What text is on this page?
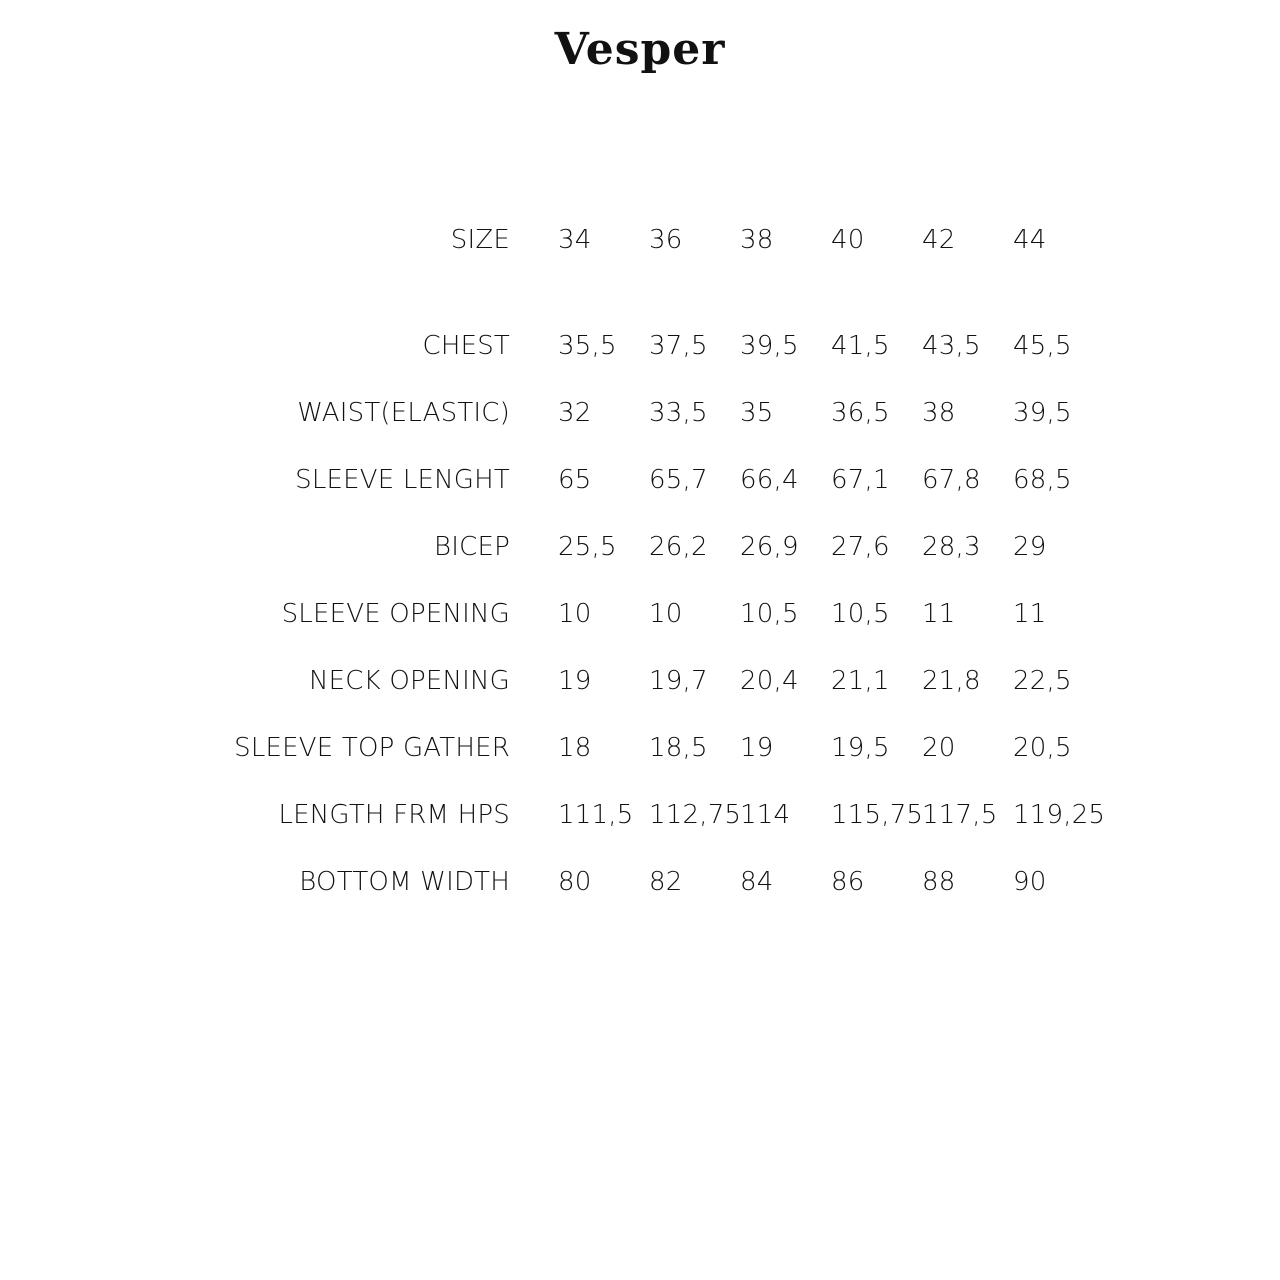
Vesper
SIZE 34 36 38 40 42 44
CHEST 35,5 37,5 39,5 41,5 43,5 45,5
WAIST(ELASTIC) 32 33,5 35 36,5 38 39,5
SLEEVE LENGHT 65 65,7 66,4 67,1 67,8 68,5
BICEP 25,5 26,2 26,9 27,6 28,3 29
SLEEVE OPENING 10 10 10,5 10,5 11 11
NECK OPENING 19 19,7 20,4 21,1 21,8 22,5
SLEEVE TOP GATHER 18 18,5 19 19,5 20 20,5
LENGTH FRM HPS 111,5 112,75
114 115,75
117,5 119,25
BOTTOM WIDTH 80 82 84 86 88 90
